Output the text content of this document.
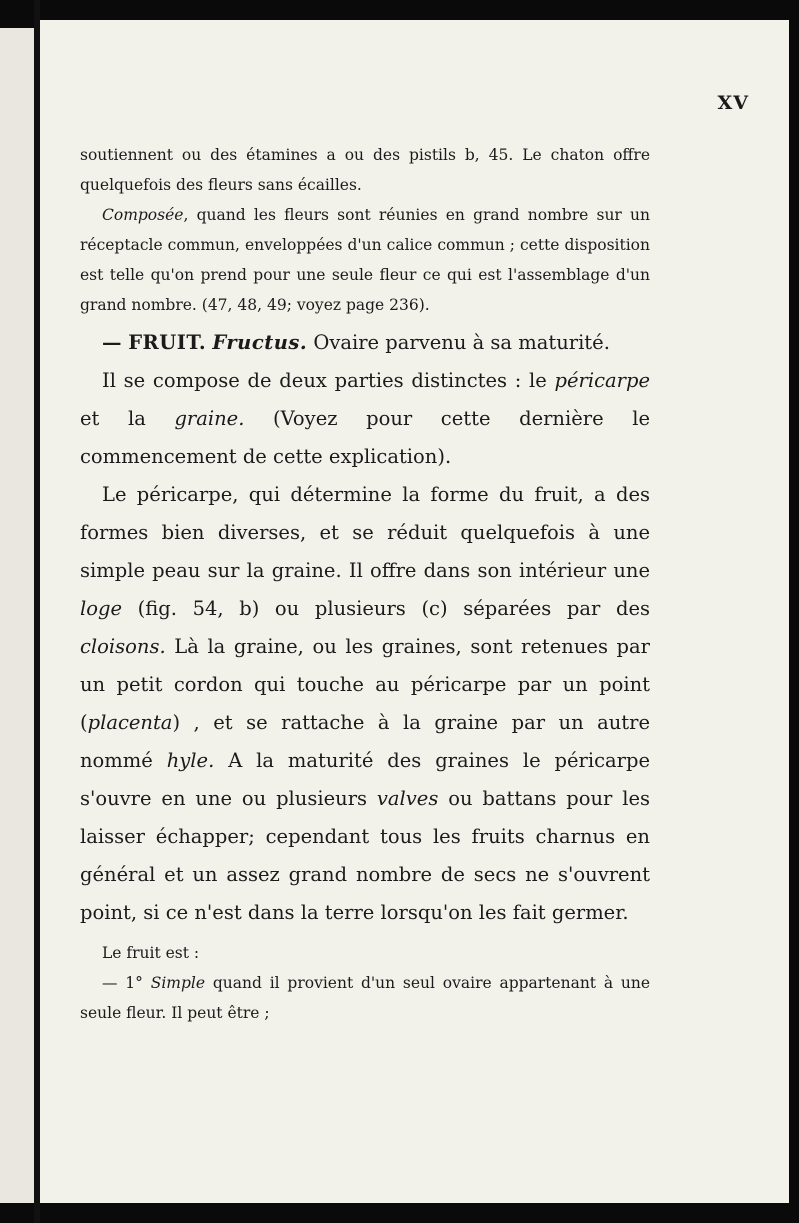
XV

soutiennent ou des étamines a ou des pistils b, 45. Le chaton offre quelquefois des fleurs sans écailles.

Composée, quand les fleurs sont réunies en grand nombre sur un réceptacle commun, enveloppées d'un calice commun ; cette disposition est telle qu'on prend pour une seule fleur ce qui est l'assemblage d'un grand nombre. (47, 48, 49; voyez page 236).

— FRUIT. Fructus. Ovaire parvenu à sa maturité.

Il se compose de deux parties distinctes : le péricarpe et la graine. (Voyez pour cette dernière le commencement de cette explication).

Le péricarpe, qui détermine la forme du fruit, a des formes bien diverses, et se réduit quelquefois à une simple peau sur la graine. Il offre dans son intérieur une loge (fig. 54, b) ou plusieurs (c) séparées par des cloisons. Là la graine, ou les graines, sont retenues par un petit cordon qui touche au péricarpe par un point (placenta) , et se rattache à la graine par un autre nommé hyle. A la maturité des graines le péricarpe s'ouvre en une ou plusieurs valves ou battans pour les laisser échapper; cependant tous les fruits charnus en général et un assez grand nombre de secs ne s'ouvrent point, si ce n'est dans la terre lorsqu'on les fait germer.

Le fruit est :

— 1° Simple quand il provient d'un seul ovaire appartenant à une seule fleur. Il peut être ;
